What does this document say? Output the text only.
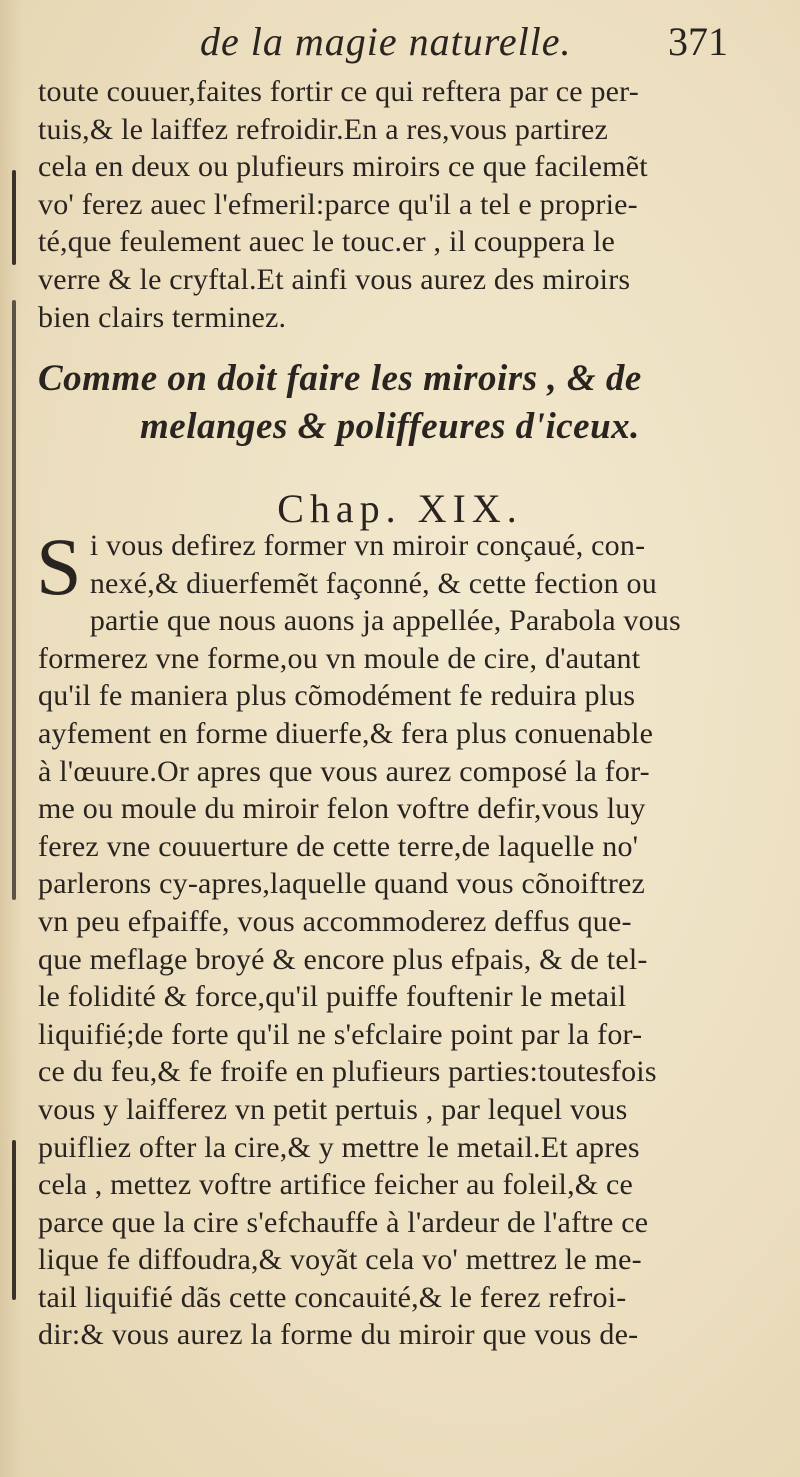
de la magie naturelle. 371
toute couuer,faites fortir ce qui reftera par ce per-
tuis,& le laiffez refroidir.En a res,vous partirez
cela en deux ou plufieurs miroirs ce que facilemẽt
vo' ferez auec l'efmeril:parce qu'il a tel e proprie-
té,que feulement auec le touc.er , il couppera le
verre & le cryftal.Et ainfi vous aurez des miroirs
bien clairs terminez.
Comme on doit faire les miroirs , & de
melanges & poliffeures d'iceux.
Chap. XIX.
S i vous defirez former vn miroir conçaué, con-
nexé,& diuerfemẽt façonné, & cette fection ou
partie que nous auons ja appellée, Parabola vous
formerez vne forme,ou vn moule de cire, d'autant
qu'il fe maniera plus cõmodément fe reduira plus
ayfement en forme diuerfe,& fera plus conuenable
à l'œuure.Or apres que vous aurez composé la for-
me ou moule du miroir felon voftre defir,vous luy
ferez vne couuerture de cette terre,de laquelle no'
parlerons cy-apres,laquelle quand vous cõnoiftrez
vn peu efpaiffe, vous accommoderez deffus que-
que meflage broyé & encore plus efpais, & de tel-
le folidité & force,qu'il puiffe fouftenir le metail
liquifié;de forte qu'il ne s'efclaire point par la for-
ce du feu,& fe froife en plufieurs parties:toutesfois
vous y laifferez vn petit pertuis , par lequel vous
puifliez ofter la cire,& y mettre le metail.Et apres
cela , mettez voftre artifice feicher au foleil,& ce
parce que la cire s'efchauffe à l'ardeur de l'aftre ce
lique fe diffoudra,& voyãt cela vo' mettrez le me-
tail liquifié dãs cette concauité,& le ferez refroi-
dir:& vous aurez la forme du miroir que vous de-
